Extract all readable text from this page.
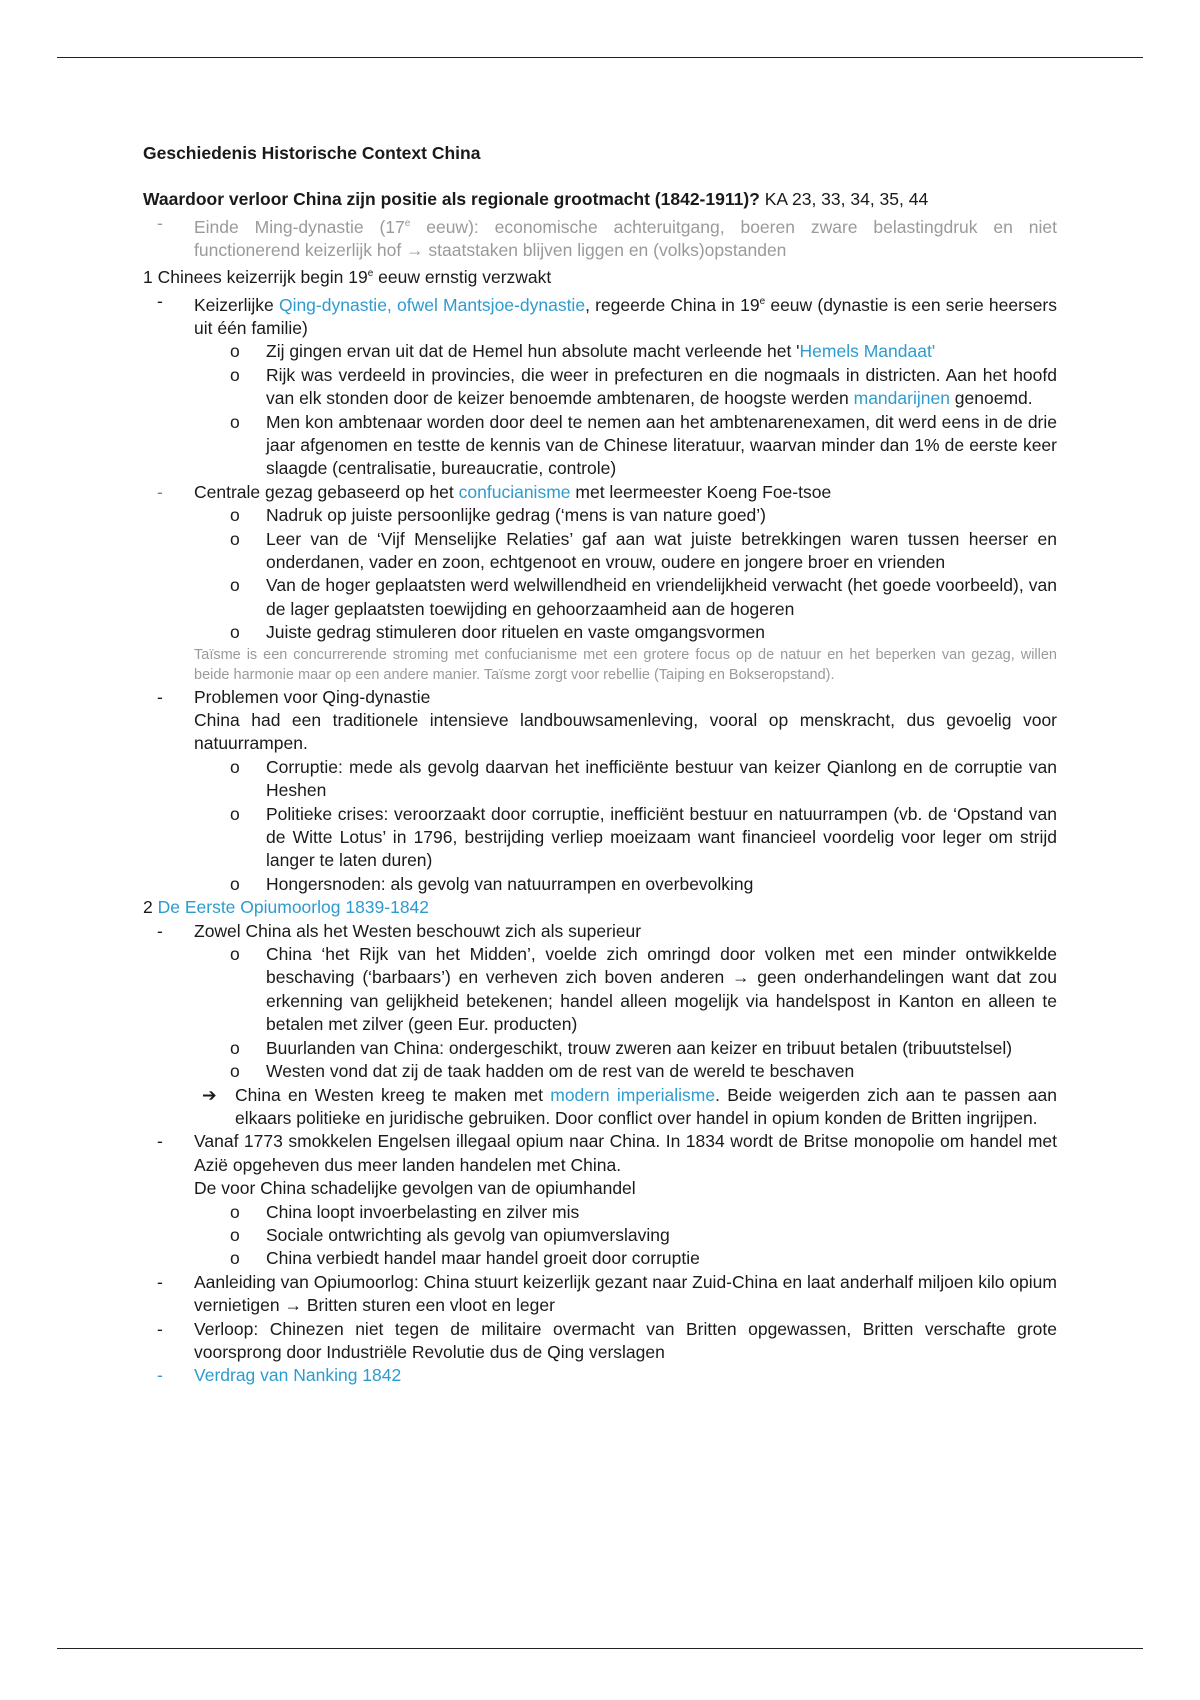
Geschiedenis Historische Context China

Waardoor verloor China zijn positie als regionale grootmacht (1842-1911)? KA 23, 33, 34, 35, 44

- Einde Ming-dynastie (17e eeuw): economische achteruitgang, boeren zware belastingdruk en niet functionerend keizerlijk hof → staatstaken blijven liggen en (volks)opstanden

1 Chinees keizerrijk begin 19e eeuw ernstig verzwakt

- Keizerlijke Qing-dynastie, ofwel Mantsjoe-dynastie, regeerde China in 19e eeuw (dynastie is een serie heersers uit één familie)

o Zij gingen ervan uit dat de Hemel hun absolute macht verleende het 'Hemels Mandaat'

o Rijk was verdeeld in provincies, die weer in prefecturen en die nogmaals in districten. Aan het hoofd van elk stonden door de keizer benoemde ambtenaren, de hoogste werden mandarijnen genoemd.

o Men kon ambtenaar worden door deel te nemen aan het ambtenarenexamen, dit werd eens in de drie jaar afgenomen en testte de kennis van de Chinese literatuur, waarvan minder dan 1% de eerste keer slaagde (centralisatie, bureaucratie, controle)

- Centrale gezag gebaseerd op het confucianisme met leermeester Koeng Foe-tsoe

o Nadruk op juiste persoonlijke gedrag (‘mens is van nature goed’)

o Leer van de ‘Vijf Menselijke Relaties’ gaf aan wat juiste betrekkingen waren tussen heerser en onderdanen, vader en zoon, echtgenoot en vrouw, oudere en jongere broer en vrienden

o Van de hoger geplaatsten werd welwillendheid en vriendelijkheid verwacht (het goede voorbeeld), van de lager geplaatsten toewijding en gehoorzaamheid aan de hogeren

o Juiste gedrag stimuleren door rituelen en vaste omgangsvormen

Taïsme is een concurrerende stroming met confucianisme met een grotere focus op de natuur en het beperken van gezag, willen beide harmonie maar op een andere manier. Taïsme zorgt voor rebellie (Taiping en Bokseropstand).

- Problemen voor Qing-dynastie

China had een traditionele intensieve landbouwsamenleving, vooral op menskracht, dus gevoelig voor natuurrampen.

o Corruptie: mede als gevolg daarvan het inefficiënte bestuur van keizer Qianlong en de corruptie van Heshen

o Politieke crises: veroorzaakt door corruptie, inefficiënt bestuur en natuurrampen (vb. de ‘Opstand van de Witte Lotus’ in 1796, bestrijding verliep moeizaam want financieel voordelig voor leger om strijd langer te laten duren)

o Hongersnoden: als gevolg van natuurrampen en overbevolking

2 De Eerste Opiumoorlog 1839-1842

- Zowel China als het Westen beschouwt zich als superieur

o China ‘het Rijk van het Midden’, voelde zich omringd door volken met een minder ontwikkelde beschaving (‘barbaars’) en verheven zich boven anderen → geen onderhandelingen want dat zou erkenning van gelijkheid betekenen; handel alleen mogelijk via handelspost in Kanton en alleen te betalen met zilver (geen Eur. producten)

o Buurlanden van China: ondergeschikt, trouw zweren aan keizer en tribuut betalen (tribuutstelsel)

o Westen vond dat zij de taak hadden om de rest van de wereld te beschaven

➔ China en Westen kreeg te maken met modern imperialisme. Beide weigerden zich aan te passen aan elkaars politieke en juridische gebruiken. Door conflict over handel in opium konden de Britten ingrijpen.

- Vanaf 1773 smokkelen Engelsen illegaal opium naar China. In 1834 wordt de Britse monopolie om handel met Azië opgeheven dus meer landen handelen met China.

De voor China schadelijke gevolgen van de opiumhandel

o China loopt invoerbelasting en zilver mis

o Sociale ontwrichting als gevolg van opiumverslaving

o China verbiedt handel maar handel groeit door corruptie

- Aanleiding van Opiumoorlog: China stuurt keizerlijk gezant naar Zuid-China en laat anderhalf miljoen kilo opium vernietigen → Britten sturen een vloot en leger

- Verloop: Chinezen niet tegen de militaire overmacht van Britten opgewassen, Britten verschafte grote voorsprong door Industriële Revolutie dus de Qing verslagen

- Verdrag van Nanking 1842
